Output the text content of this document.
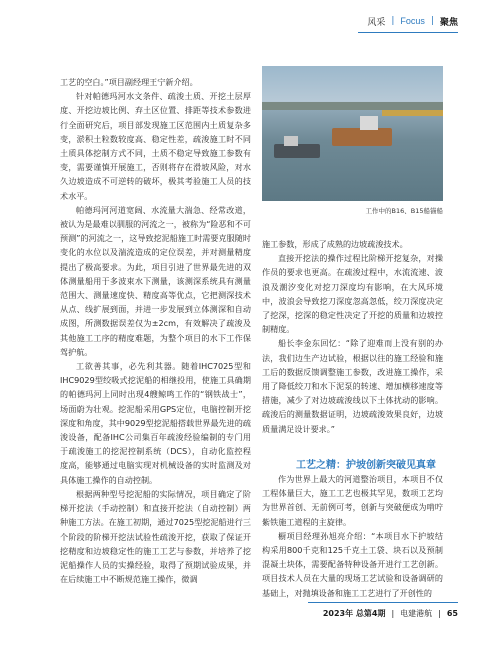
风采 | Focus | 聚焦

工艺的空白。”项目副经理王宁新介绍。

针对帕德玛河水文条件、疏浚土质、开挖土层厚度、开挖边坡比例、弃土区位置、排距等技术参数进行全面研究后，项目部发现施工区范围内土质复杂多变，淤积土粒数较度高、稳定性差，疏浚施工时不同土质具体挖制方式不同，土质不稳定导致施工参数有变，需要谨慎开展施工，否则将存在滑坡风险，对水久边坡造成不可逆转的破坏，极其考验施工人员的技术水平。

帕德玛河河道宽阔、水流量大湍急、经常改道，被认为是最难以驯服的河流之一，被称为“险恶和不可预测”的河流之一，这导致挖泥船施工时需要克服随时变化的水位以及湍流造成的定位误差，并对测量精度提出了极高要求。为此，项目引进了世界最先进的双体测量船用于多波束水下测量，该测深系统具有测量范围大、测量速度快、精度高等优点，它把测深技术从点、线扩展到面，并进一步发展到立体测深和自动成图，所测数据误差仅为±2cm，有效解决了疏浚及其他施工工序的精度难题，为整个项目的水下工作保驾护航。

工欲善其事，必先利其器。随着IHC7025型和IHC9029型绞吸式挖泥船的相继投用，使施工具确期的帕德玛河上同时出现4艘鲸鸣工作的“钢铁战士”，场面蔚为壮观。挖泥船采用GPS定位，电脑控制开挖深度和角度，其中9029型挖泥船搭载世界最先进的疏浚设备，配备IHC公司集百年疏浚经验编制的专门用于疏浚施工的挖泥控制系统（DCS），自动化监控程度高，能够通过电脑实现对机械设备的实时监测及对具体施工操作的自动控制。

根据两种型号挖泥船的实际情况，项目确定了阶梯开挖法（手动控制）和直接开挖法（自动控制）两种施工方法。在施工初期，通过7025型挖泥船进行三个阶段的阶梯开挖法试验性疏浚开挖，获取了保证开挖精度和边坡稳定性的施工工艺与参数，并培养了挖泥船操作人员的实操经验，取得了预期试验成果，并在后续施工中不断规范施工操作，微调

工作中的B16、B15船锚船

施工参数，形成了成熟的边坡疏浚技术。

直接开挖法的操作过程比阶梯开挖复杂，对操作员的要求也更高。在疏浚过程中，水流流速、波浪及潮汐变化对挖刀深度均有影响，在大风环境中，波浪会导致挖刀深度忽高忽低，绞刀深度决定了挖深，挖深的稳定性决定了开挖的质量和边坡控制精度。

船长李金东回忆：“除了迎难而上没有别的办法，我们边生产边试验，根据以往的施工经验和施工后的数据反馈调整施工参数，改进施工操作，采用了降低绞刀和水下泥泵的转速、增加横移速度等措施，减少了对边坡疏浚线以下土体扰动的影响。疏浚后的测量数据证明，边坡疏浚效果良好，边坡质量满足设计要求。”

工艺之精：护坡创新突破见真章

作为世界上最大的河道整治项目，本项目不仅工程体量巨大，施工工艺也极其罕见，数项工艺均为世界首创、无前例可考，创新与突破便成为啃咛紫铁施工道程的主旋律。

橱项目经理孙旭亮介绍：“本项目水下护坡结构采用800千克和125千克土工袋、块石以及预制混凝土块体，需要配备特种设备开进行工艺创新。项目技术人员在大量的现场工艺试验和设备调研的基础上，对抛填设备和施工工艺进行了开创性的

2023年 总第4期 | 电建港航 | 65
